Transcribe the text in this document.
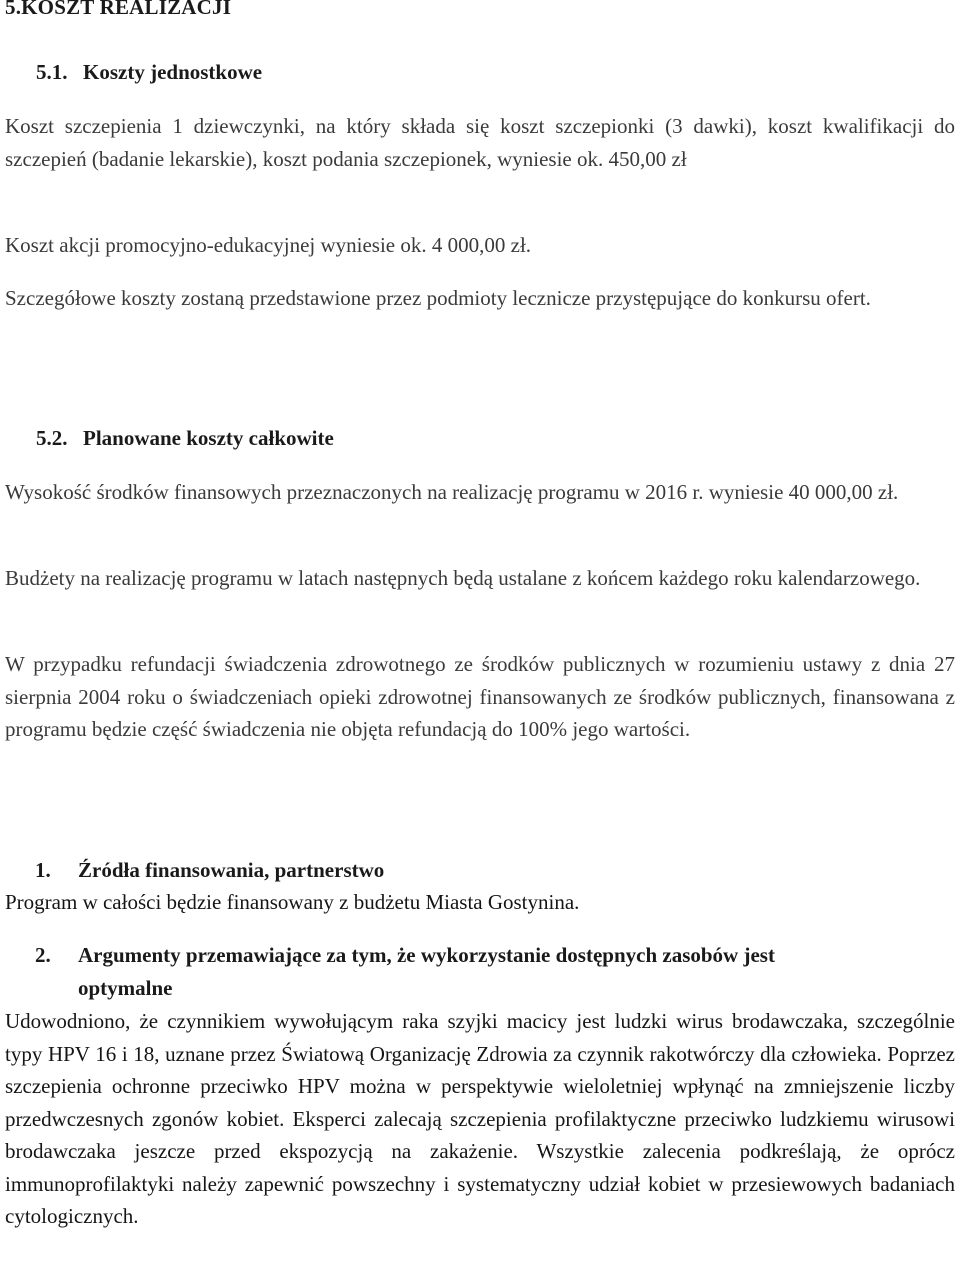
5.KOSZT REALIZACJI
5.1. Koszty jednostkowe

Koszt szczepienia 1 dziewczynki, na który składa się koszt szczepionki (3 dawki), koszt kwalifikacji do szczepień (badanie lekarskie), koszt podania szczepionek, wyniesie ok. 450,00 zł

Koszt akcji promocyjno-edukacyjnej wyniesie ok. 4 000,00 zł.

Szczegółowe koszty zostaną przedstawione przez podmioty lecznicze przystępujące do konkursu ofert.

5.2. Planowane koszty całkowite

Wysokość środków finansowych przeznaczonych na realizację programu w 2016 r. wyniesie 40 000,00 zł.

Budżety na realizację programu w latach następnych będą ustalane z końcem każdego roku kalendarzowego.

W przypadku refundacji świadczenia zdrowotnego ze środków publicznych w rozumieniu ustawy z dnia 27 sierpnia 2004 roku o świadczeniach opieki zdrowotnej finansowanych ze środków publicznych, finansowana z programu będzie część świadczenia nie objęta refundacją do 100% jego wartości.

1. Źródła finansowania, partnerstwo

Program w całości będzie finansowany z budżetu Miasta Gostynina.

2. Argumenty przemawiające za tym, że wykorzystanie dostępnych zasobów jest
optymalne

Udowodniono, że czynnikiem wywołującym raka szyjki macicy jest ludzki wirus brodawczaka, szczególnie typy HPV 16 i 18, uznane przez Światową Organizację Zdrowia za czynnik rakotwórczy dla człowieka. Poprzez szczepienia ochronne przeciwko HPV można w perspektywie wieloletniej wpłynąć na zmniejszenie liczby przedwczesnych zgonów kobiet. Eksperci zalecają szczepienia profilaktyczne przeciwko ludzkiemu wirusowi brodawczaka jeszcze przed ekspozycją na zakażenie. Wszystkie zalecenia podkreślają, że oprócz immunoprofilaktyki należy zapewnić powszechny i systematyczny udział kobiet w przesiewowych badaniach cytologicznych.
